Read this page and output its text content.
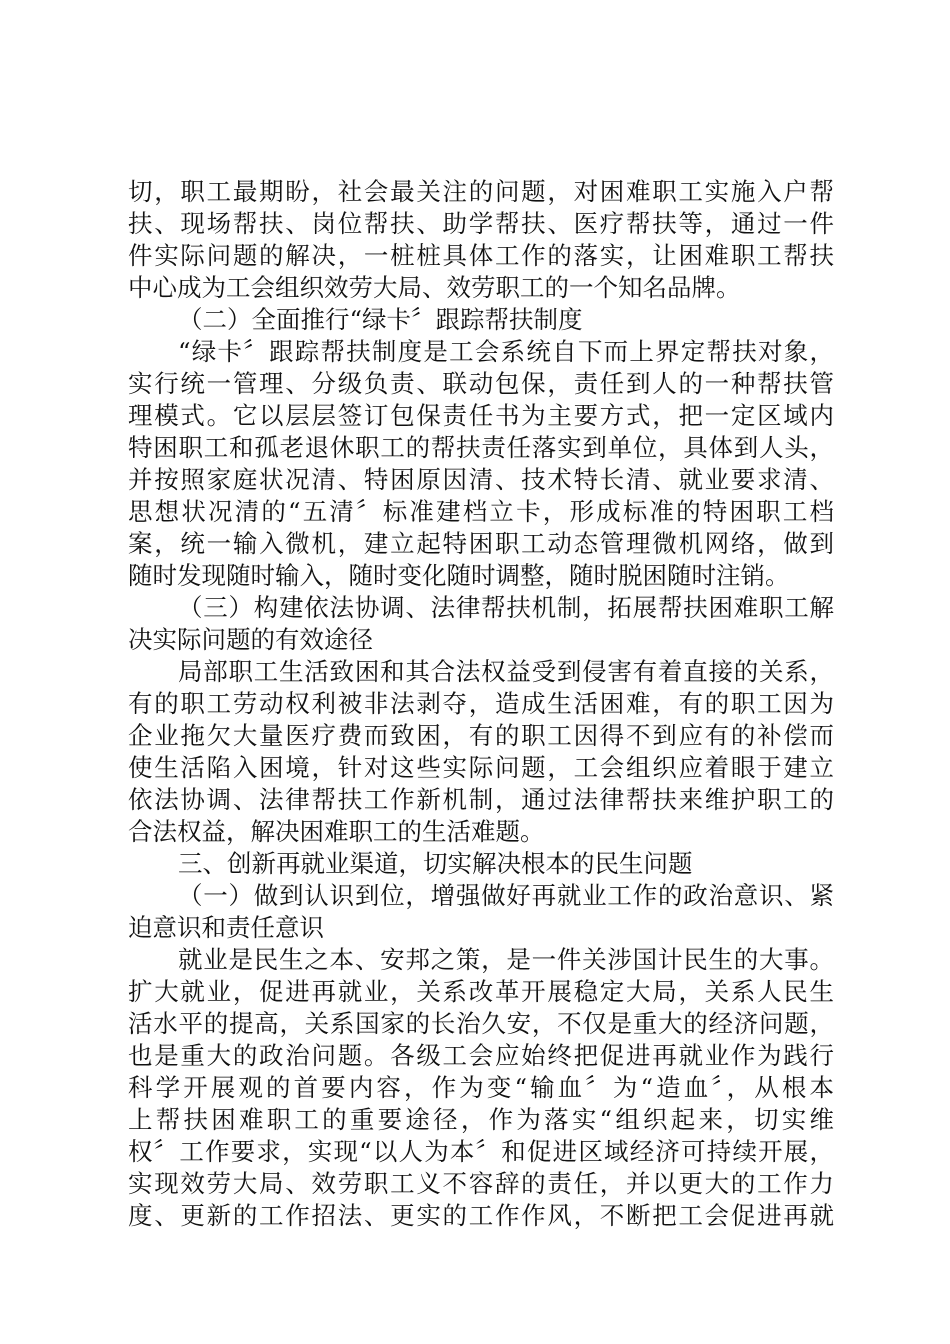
切，职工最期盼，社会最关注的问题，对困难职工实施入户帮
扶、现场帮扶、岗位帮扶、助学帮扶、医疗帮扶等，通过一件
件实际问题的解决，一桩桩具体工作的落实，让困难职工帮扶
中心成为工会组织效劳大局、效劳职工的一个知名品牌。
（二）全面推行“绿卡〞跟踪帮扶制度
“绿卡〞跟踪帮扶制度是工会系统自下而上界定帮扶对象，
实行统一管理、分级负责、联动包保，责任到人的一种帮扶管
理模式。它以层层签订包保责任书为主要方式，把一定区域内
特困职工和孤老退休职工的帮扶责任落实到单位，具体到人头，
并按照家庭状况清、特困原因清、技术特长清、就业要求清、
思想状况清的“五清〞标准建档立卡，形成标准的特困职工档
案，统一输入微机，建立起特困职工动态管理微机网络，做到
随时发现随时输入，随时变化随时调整，随时脱困随时注销。
（三）构建依法协调、法律帮扶机制，拓展帮扶困难职工解
决实际问题的有效途径
局部职工生活致困和其合法权益受到侵害有着直接的关系，
有的职工劳动权利被非法剥夺，造成生活困难，有的职工因为
企业拖欠大量医疗费而致困，有的职工因得不到应有的补偿而
使生活陷入困境，针对这些实际问题，工会组织应着眼于建立
依法协调、法律帮扶工作新机制，通过法律帮扶来维护职工的
合法权益，解决困难职工的生活难题。
三、创新再就业渠道，切实解决根本的民生问题
（一）做到认识到位，增强做好再就业工作的政治意识、紧
迫意识和责任意识
就业是民生之本、安邦之策，是一件关涉国计民生的大事。
扩大就业，促进再就业，关系改革开展稳定大局，关系人民生
活水平的提高，关系国家的长治久安，不仅是重大的经济问题，
也是重大的政治问题。各级工会应始终把促进再就业作为践行
科学开展观的首要内容，作为变“输血〞为“造血〞，从根本
上帮扶困难职工的重要途径，作为落实“组织起来，切实维
权〞工作要求，实现“以人为本〞和促进区域经济可持续开展，
实现效劳大局、效劳职工义不容辞的责任，并以更大的工作力
度、更新的工作招法、更实的工作作风，不断把工会促进再就
